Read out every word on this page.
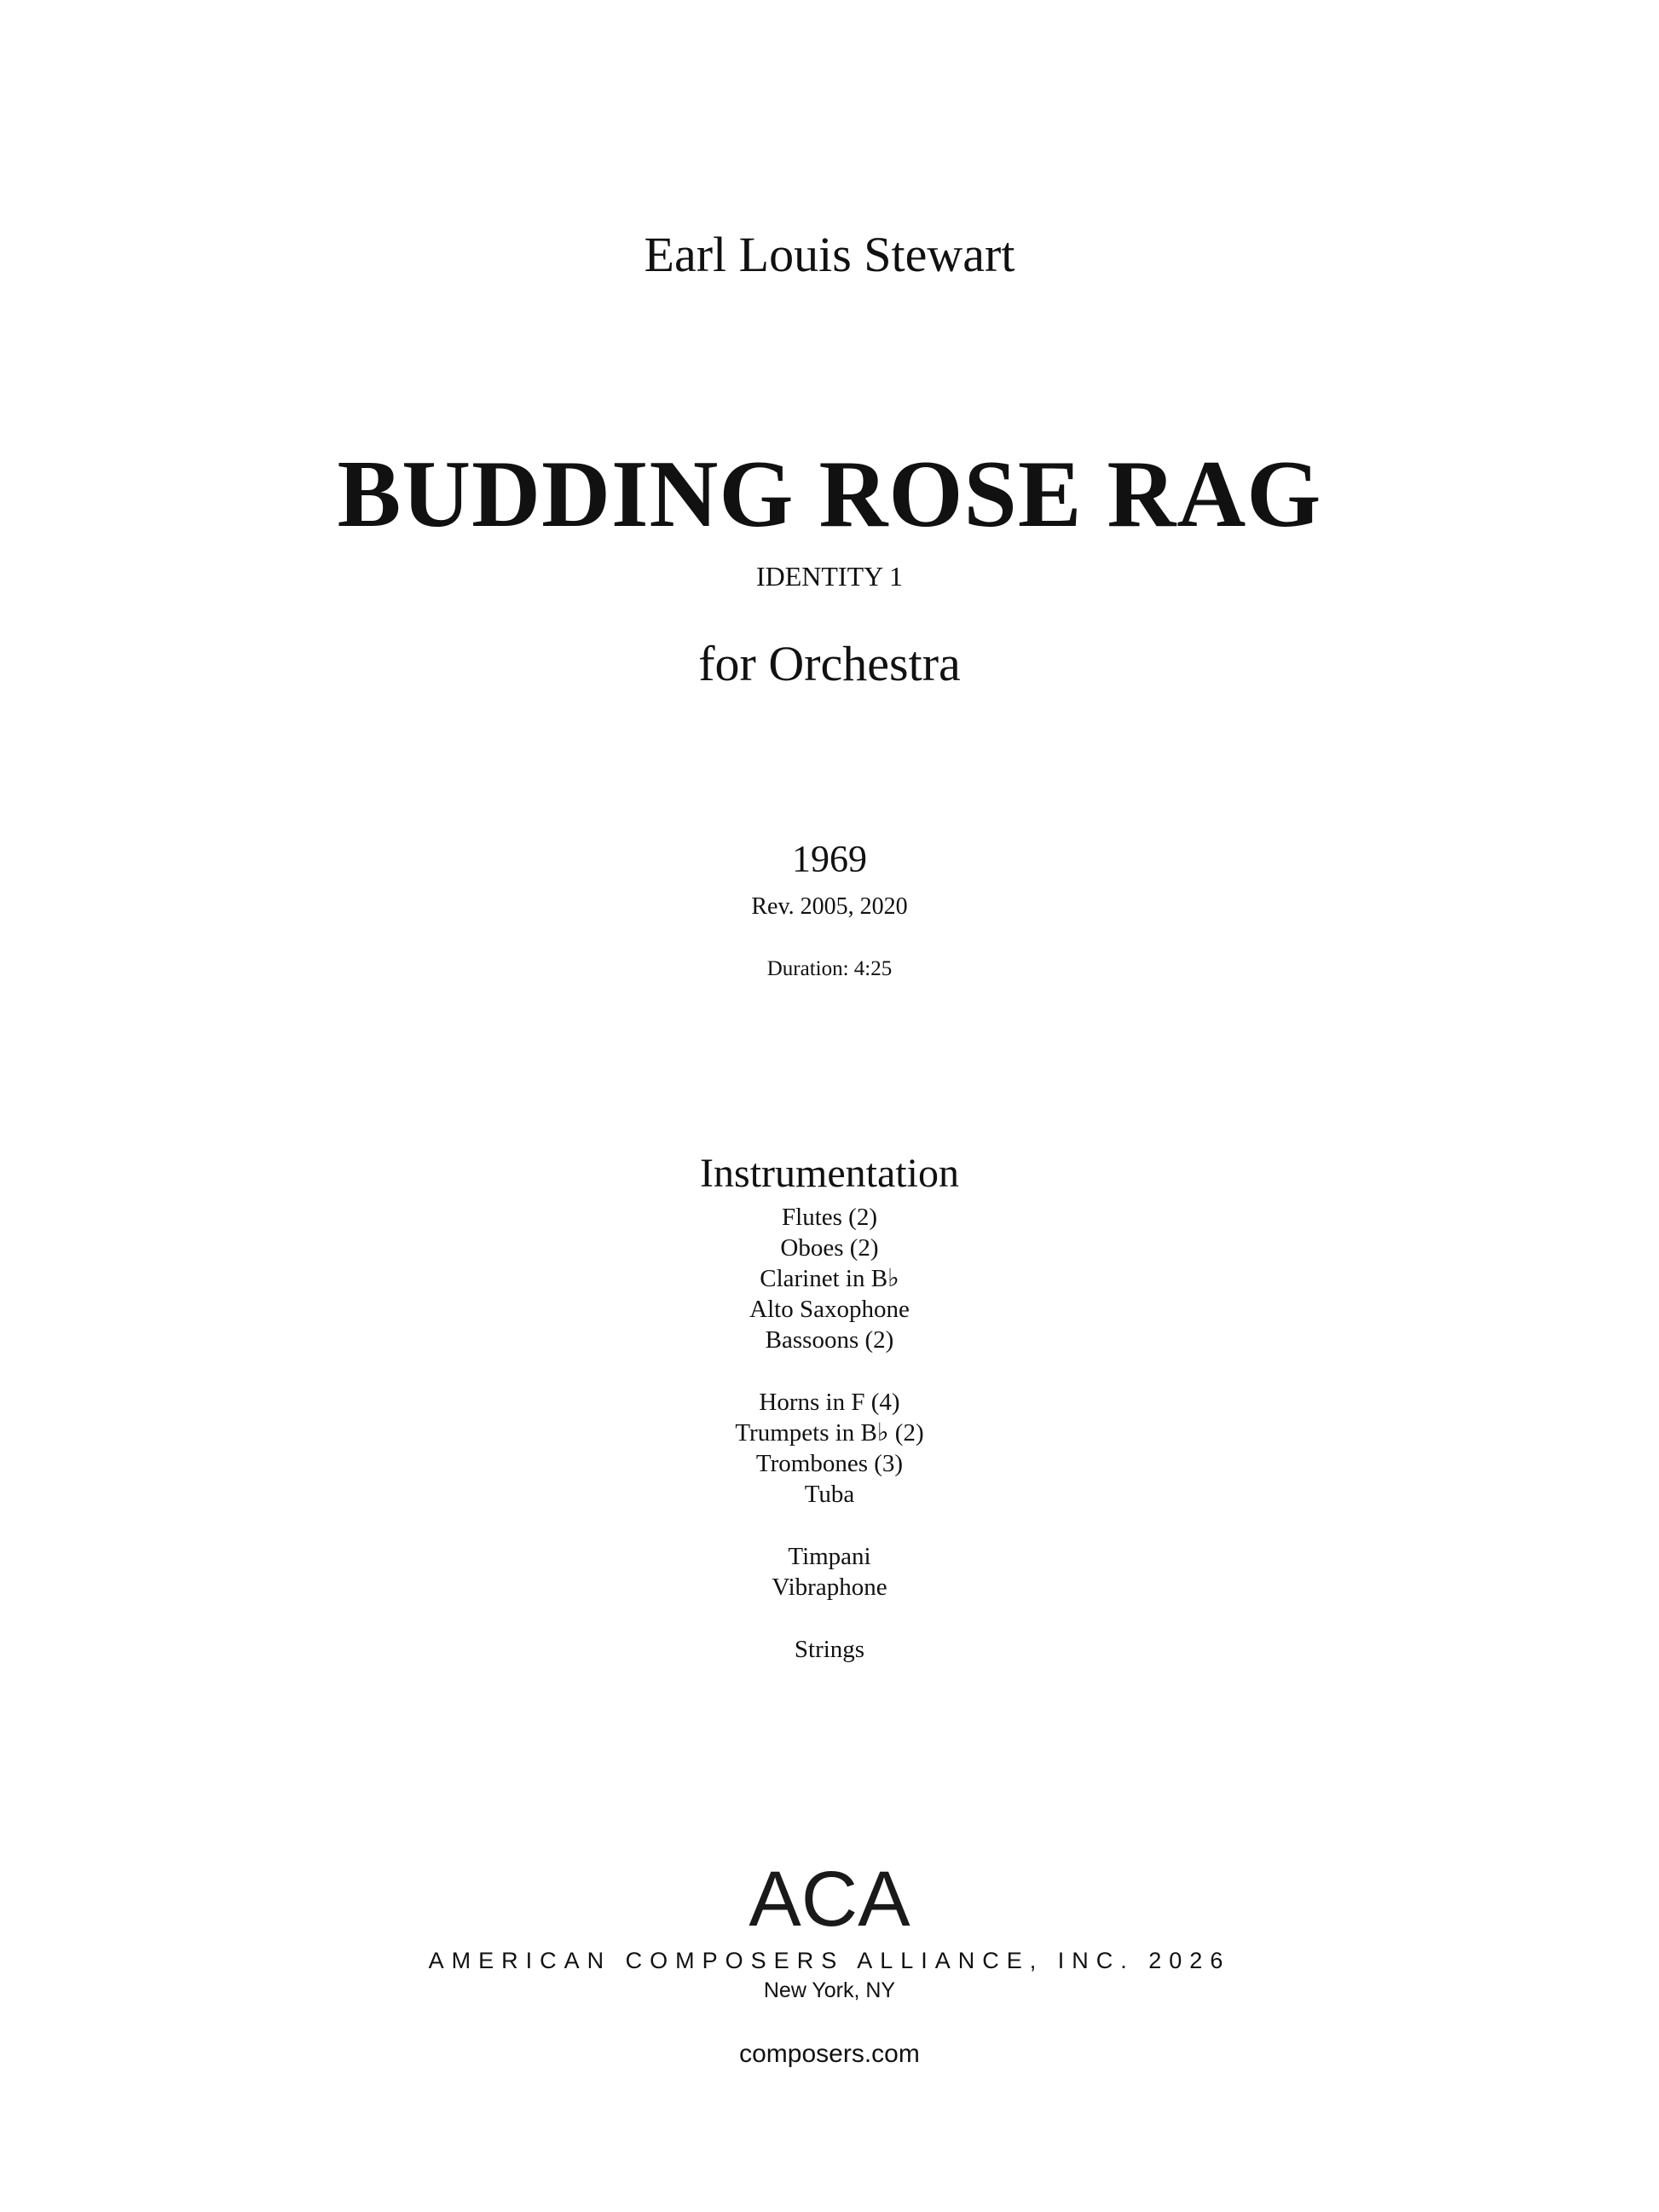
Earl Louis Stewart
BUDDING ROSE RAG
IDENTITY 1
for Orchestra
1969
Rev. 2005, 2020
Duration: 4:25
Instrumentation
Flutes (2)
Oboes (2)
Clarinet in B♭
Alto Saxophone
Bassoons (2)
Horns in F (4)
Trumpets in B♭ (2)
Trombones (3)
Tuba
Timpani
Vibraphone
Strings
ACA
AMERICAN COMPOSERS ALLIANCE, INC. 2026
New York, NY
composers.com
